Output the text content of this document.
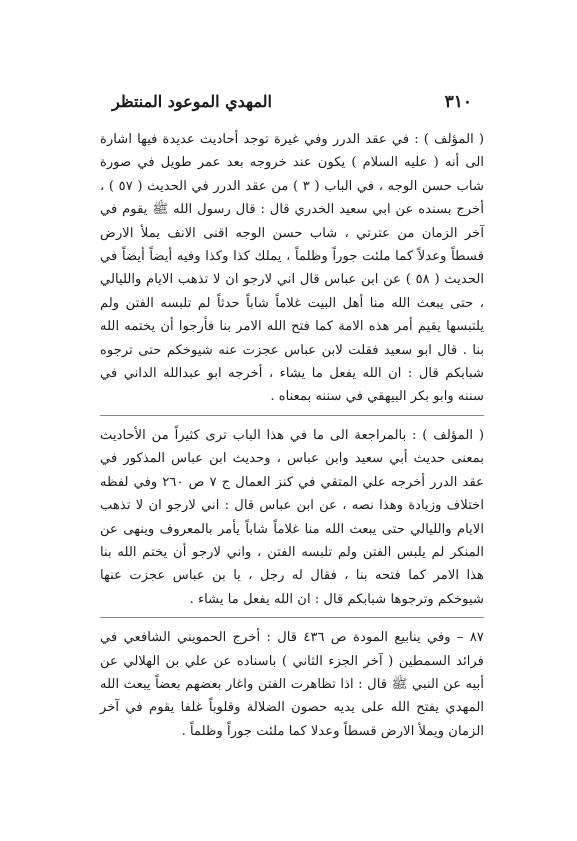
٣١٠
المهدي الموعود المنتظر

( المؤلف ) : في عقد الدرر وفي غيرة توجد أحاديث عديدة فيها اشارة الى أنه ( عليه السلام ) يكون عند خروجه بعد عمر طويل في صورة شاب حسن الوجه ، في الباب ( ٣ ) من عقد الدرر في الحديث ( ٥٧ ) ، أخرج بسنده عن ابي سعيد الخدري قال : قال رسول الله ﷺ يقوم في آخر الزمان من عترتي ، شاب حسن الوجه اقنى الانف يملأ الارض قسطاً وعدلاً كما ملئت جوراً وظلماً ، يملك كذا وكذا وفيه أيضاً أيضاً في الحديث ( ٥٨ ) عن ابن عباس قال اني لارجو ان لا تذهب الايام والليالي ، حتى يبعث الله منا أهل البيت غلاماً شاباً حدثاً لم تلبسه الفتن ولم يلتبسها يقيم أمر هذه الامة كما فتح الله الامر بنا فأرجوا أن يختمه الله بنا . قال ابو سعيد فقلت لابن عباس عجزت عنه شيوخكم حتى ترجوه شبابكم قال : ان الله يفعل ما يشاء ، أخرجه ابو عبدالله الداني في سننه وابو بكر البيهقي في سننه بمعناه .

( المؤلف ) : بالمراجعة الى ما في هذا الباب ترى كثيراً من الأحاديث بمعنى حديث أبي سعيد وابن عباس ، وحديث ابن عباس المذكور في عقد الدرر أخرجه علي المتقي في كنز العمال ج ٧ ص ٢٦٠ وفي لفظه اختلاف وزيادة وهذا نصه ، عن ابن عباس قال : اني لارجو ان لا تذهب الايام والليالي حتى يبعث الله منا غلاماً شاباً يأمر بالمعروف وينهى عن المنكر لم يلبس الفتن ولم تلبسه الفتن ، واني لارجو أن يختم الله بنا هذا الامر كما فتحه بنا ، فقال له رجل ، يا بن عباس عجزت عنها شيوخكم وترجوها شبابكم قال : ان الله يفعل ما يشاء .

٨٧ – وفي ينابيع المودة ص ٤٣٦ قال : أخرج الحمويني الشافعي في فرائد السمطين ( آخر الجزء الثاني ) باسناده عن علي بن الهلالي عن أبيه عن النبي ﷺ قال : اذا تظاهرت الفتن واغار بعضهم بعضاً يبعث الله المهدي يفتح الله على يديه حصون الضلالة وقلوباً غلفا يقوم في آخر الزمان ويملأ الارض قسطاً وعدلا كما ملئت جوراً وظلماً .
